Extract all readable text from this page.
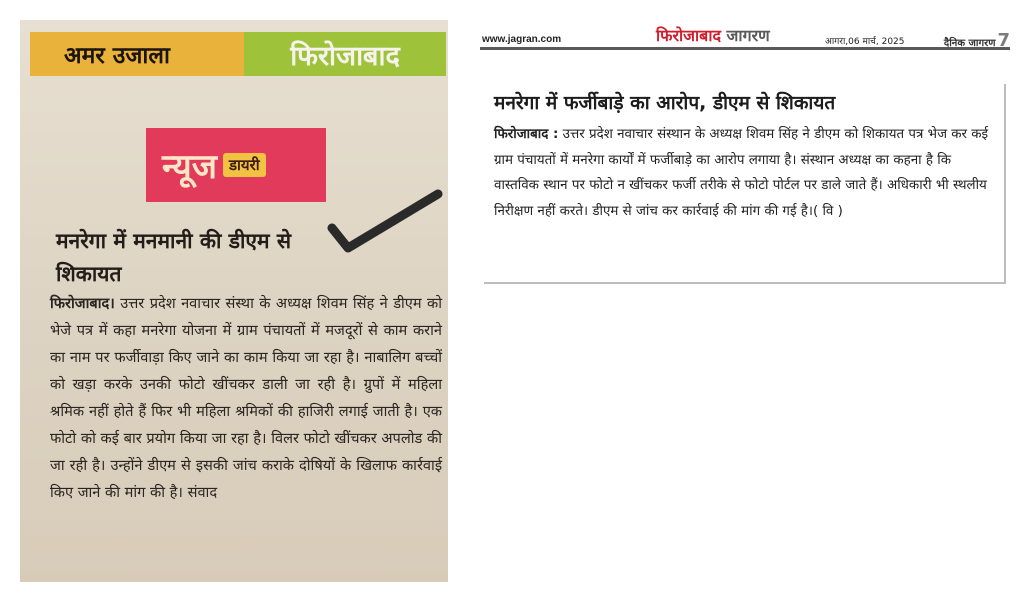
अमर उजाला	फिरोजाबाद
न्यूज डायरी
मनरेगा में मनमानी की डीएम से शिकायत
फिरोजाबाद। उत्तर प्रदेश नवाचार संस्था के अध्यक्ष शिवम सिंह ने डीएम को भेजे पत्र में कहा मनरेगा योजना में ग्राम पंचायतों में मजदूरों से काम कराने का नाम पर फर्जीवाड़ा किए जाने का काम किया जा रहा है। नाबालिग बच्चों को खड़ा करके उनकी फोटो खींचकर डाली जा रही है। ग्रुपों में महिला श्रमिक नहीं होते हैं फिर भी महिला श्रमिकों की हाजिरी लगाई जाती है। एक फोटो को कई बार प्रयोग किया जा रहा है। विलर फोटो खींचकर अपलोड की जा रही है। उन्होंने डीएम से इसकी जांच कराके दोषियों के खिलाफ कार्रवाई किए जाने की मांग की है। संवाद
www.jagran.com	फिरोजाबाद जागरण	आगरा,06 मार्च, 2025	दैनिक जागरण 7
मनरेगा में फर्जीबाड़े का आरोप, डीएम से शिकायत
फिरोजाबाद : उत्तर प्रदेश नवाचार संस्थान के अध्यक्ष शिवम सिंह ने डीएम को शिकायत पत्र भेज कर कई ग्राम पंचायतों में मनरेगा कार्यों में फर्जीबाड़े का आरोप लगाया है। संस्थान अध्यक्ष का कहना है कि वास्तविक स्थान पर फोटो न खींचकर फर्जी तरीके से फोटो पोर्टल पर डाले जाते हैं। अधिकारी भी स्थलीय निरीक्षण नहीं करते। डीएम से जांच कर कार्रवाई की मांग की गई है।( वि )
